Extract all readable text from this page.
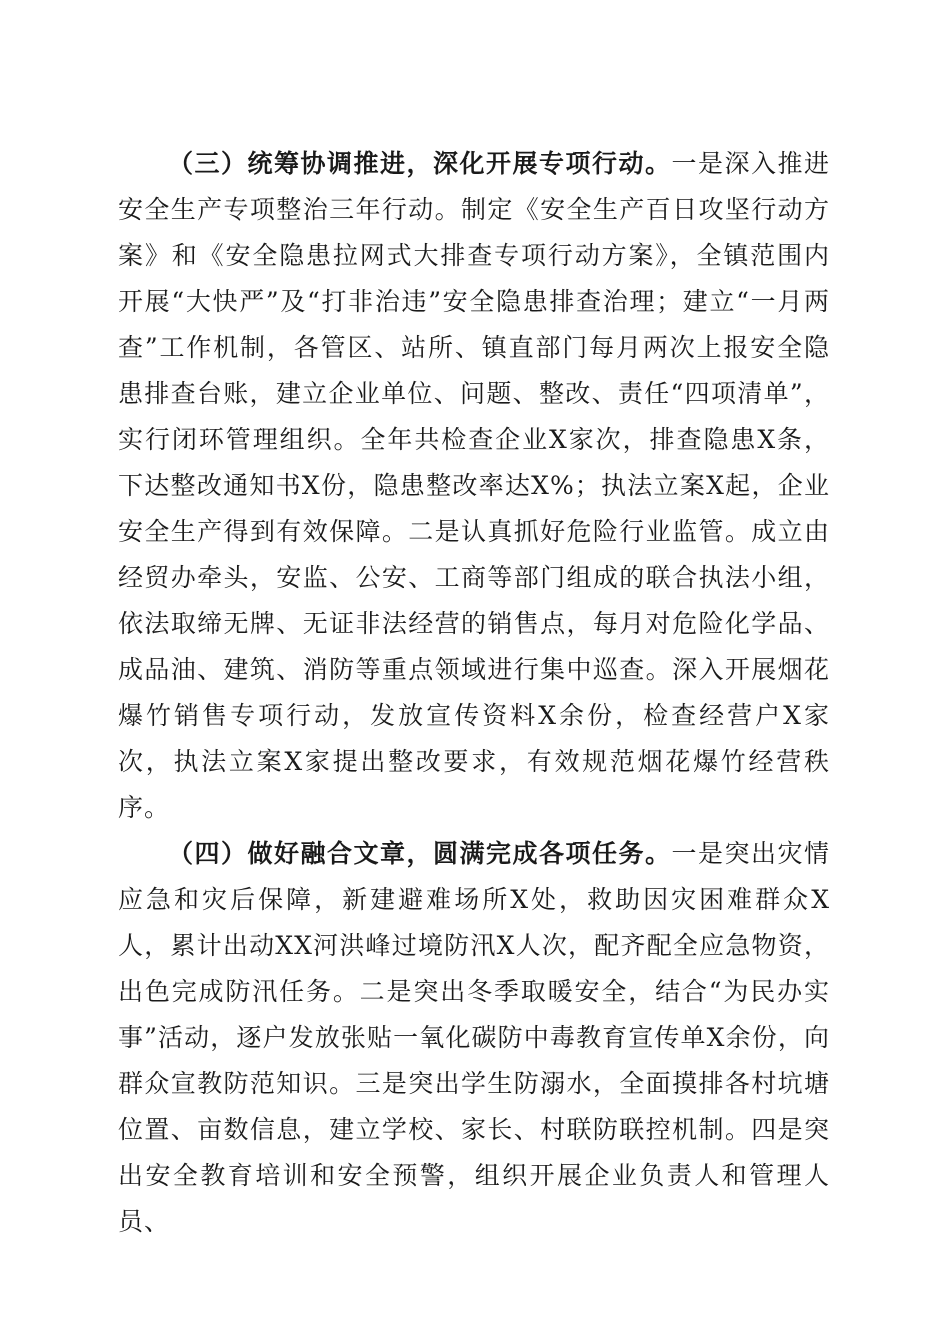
（三）统筹协调推进，深化开展专项行动。一是深入推进安全生产专项整治三年行动。制定《安全生产百日攻坚行动方案》和《安全隐患拉网式大排查专项行动方案》，全镇范围内开展“大快严”及“打非治违”安全隐患排查治理；建立“一月两查”工作机制，各管区、站所、镇直部门每月两次上报安全隐患排查台账，建立企业单位、问题、整改、责任“四项清单”，实行闭环管理组织。全年共检查企业X家次，排查隐患X条，下达整改通知书X份，隐患整改率达X%；执法立案X起，企业安全生产得到有效保障。二是认真抓好危险行业监管。成立由经贸办牵头，安监、公安、工商等部门组成的联合执法小组，依法取缔无牌、无证非法经营的销售点，每月对危险化学品、成品油、建筑、消防等重点领域进行集中巡查。深入开展烟花爆竹销售专项行动，发放宣传资料X余份，检查经营户X家次，执法立案X家提出整改要求，有效规范烟花爆竹经营秩序。

（四）做好融合文章，圆满完成各项任务。一是突出灾情应急和灾后保障，新建避难场所X处，救助因灾困难群众X人，累计出动XX河洪峰过境防汛X人次，配齐配全应急物资，出色完成防汛任务。二是突出冬季取暖安全，结合“为民办实事”活动，逐户发放张贴一氧化碳防中毒教育宣传单X余份，向群众宣教防范知识。三是突出学生防溺水，全面摸排各村坑塘位置、亩数信息，建立学校、家长、村联防联控机制。四是突出安全教育培训和安全预警，组织开展企业负责人和管理人员、
